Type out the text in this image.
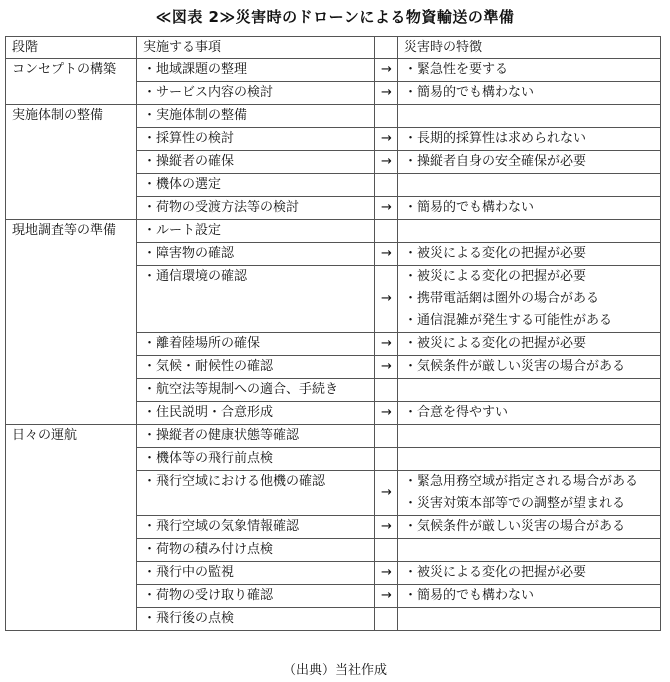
≪図表 2≫災害時のドローンによる物資輸送の準備
段階	実施する事項		災害時の特徴
コンセプトの構築	・地域課題の整理	→	・緊急性を要する

	・サービス内容の検討	→	・簡易的でも構わない

実施体制の整備	・実施体制の整備		
	・採算性の検討	→	・長期的採算性は求められない

	・操縦者の確保	→	・操縦者自身の安全確保が必要

	・機体の選定		
	・荷物の受渡方法等の検討	→	・簡易的でも構わない

現地調査等の準備	・ルート設定		
	・障害物の確認	→	・被災による変化の把握が必要

	・通信環境の確認	→	・被災による変化の把握が必要
・携帯電話網は圏外の場合がある
・通信混雑が発生する可能性がある

	・離着陸場所の確保	→	・被災による変化の把握が必要

	・気候・耐候性の確認	→	・気候条件が厳しい災害の場合がある

	・航空法等規制への適合、手続き		
	・住民説明・合意形成	→	・合意を得やすい

日々の運航	・操縦者の健康状態等確認		
	・機体等の飛行前点検		
	・飛行空域における他機の確認	→	・緊急用務空域が指定される場合がある
・災害対策本部等での調整が望まれる

	・飛行空域の気象情報確認	→	・気候条件が厳しい災害の場合がある

	・荷物の積み付け点検		
	・飛行中の監視	→	・被災による変化の把握が必要

	・荷物の受け取り確認	→	・簡易的でも構わない

	・飛行後の点検		
（出典）当社作成
